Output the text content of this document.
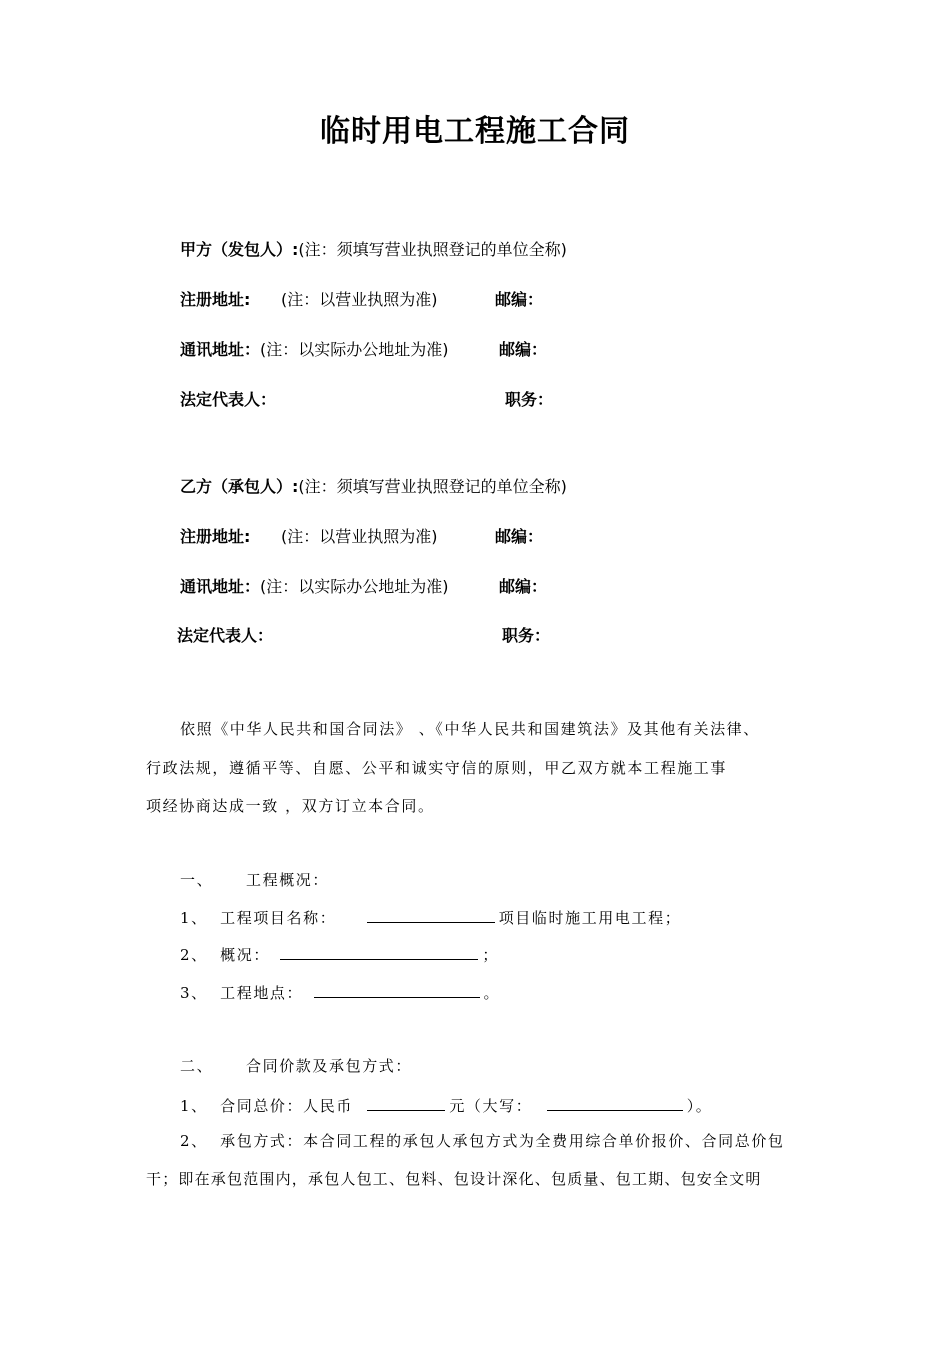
临时用电工程施工合同
甲方（发包人）:(注：须填写营业执照登记的单位全称)
注册地址: (注：以营业执照为准)	邮编：
通讯地址：(注：以实际办公地址为准)	邮编：
法定代表人：	职务：
乙方（承包人）:(注：须填写营业执照登记的单位全称)
注册地址: (注：以营业执照为准)	邮编：
通讯地址：(注：以实际办公地址为准)	邮编：
法定代表人：	职务：
依照《中华人民共和国合同法》 、《中华人民共和国建筑法》及其他有关法律、
行政法规，遵循平等、自愿、公平和诚实守信的原则，甲乙双方就本工程施工事
项经协商达成一致 ，双方订立本合同。
一、 工程概况：
1、 工程项目名称：	项目临时施工用电工程；
2、 概况：	；
3、 工程地点：	。
二、 合同价款及承包方式：
1、 合同总价：人民币	元（大写：	）。
2、 承包方式：本合同工程的承包人承包方式为全费用综合单价报价、合同总价包
干；即在承包范围内，承包人包工、包料、包设计深化、包质量、包工期、包安全文明
